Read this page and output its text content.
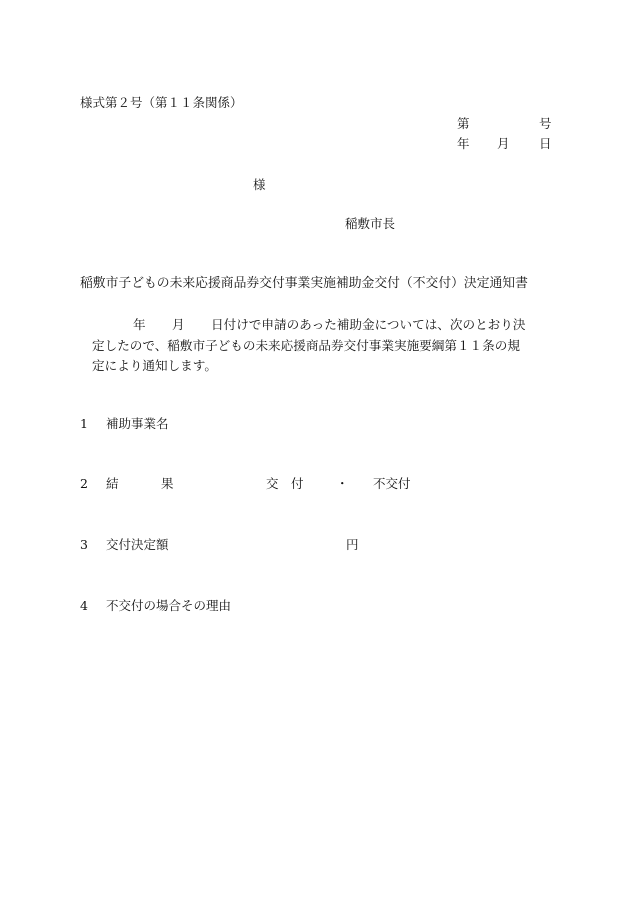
様式第２号（第１１条関係）
第	号
年 月 日
様
稲敷市長
稲敷市子どもの未来応援商品券交付事業実施補助金交付（不交付）決定通知書
年 月 日付けで申請のあった補助金については、次のとおり決
定したので、稲敷市子どもの未来応援商品券交付事業実施要綱第１１条の規
定により通知します。
1 補助事業名
2 結	果	交 付	・ 不交付
3 交付決定額	円
4 不交付の場合その理由
